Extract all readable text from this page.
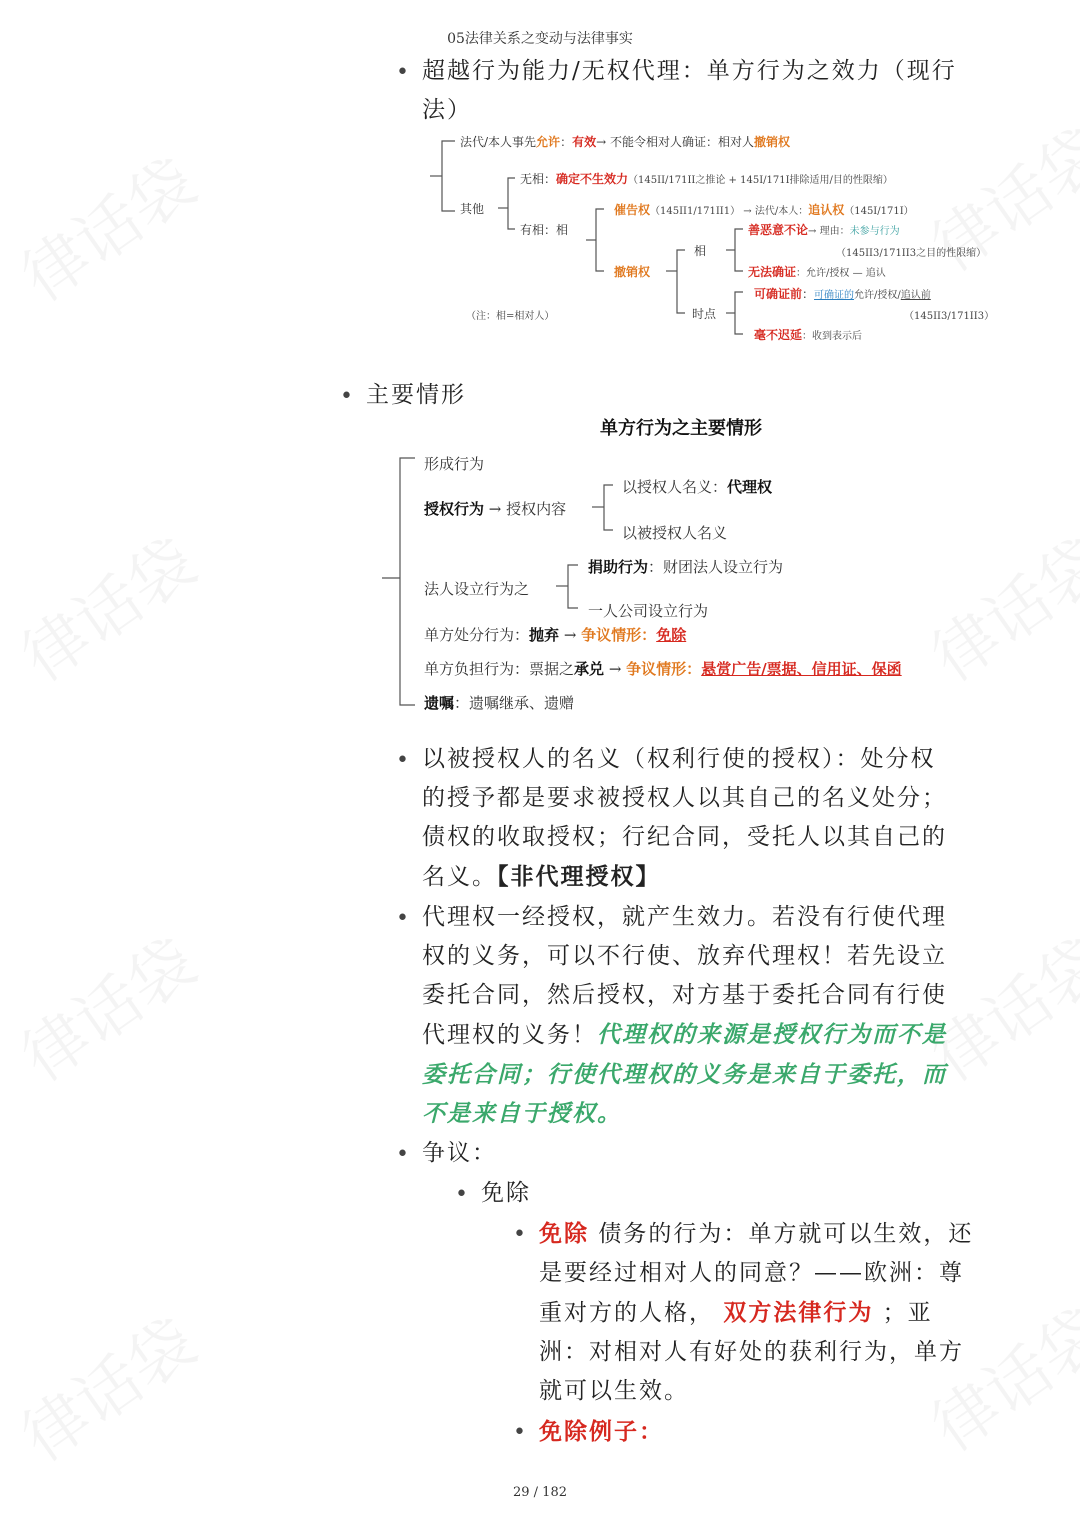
05法律关系之变动与法律事实
• 超越行为能力/无权代理：单方行为之效力（现行
法）
法代/本人事先允许：有效→ 不能令相对人确证：相对人撤销权
其他
无相：确定不生效力（145II/171II之推论 + 145I/171I排除适用/目的性限缩）
有相：相
催告权（145II1/171II1） → 法代/本人：追认权（145I/171I）
撤销权
相
时点
善恶意不论→ 理由：未参与行为
（145II3/171II3之目的性限缩）
无法确证：允许/授权 — 追认
可确证前：可确证的允许/授权/追认前
（145II3/171II3）
毫不迟延：收到表示后
（注：相=相对人）
• 主要情形
单方行为之主要情形
形成行为
授权行为 → 授权内容
以授权人名义：代理权
以被授权人名义
法人设立行为之
捐助行为：财团法人设立行为
一人公司设立行为
单方处分行为：抛弃 → 争议情形：免除
单方负担行为：票据之承兑 → 争议情形：悬赏广告/票据、信用证、保函
遗嘱：遗嘱继承、遗赠
• 以被授权人的名义（权利行使的授权）：处分权
的授予都是要求被授权人以其自己的名义处分；
债权的收取授权；行纪合同，受托人以其自己的
名义。【非代理授权】
• 代理权一经授权，就产生效力。若没有行使代理
权的义务，可以不行使、放弃代理权！若先设立
委托合同，然后授权，对方基于委托合同有行使
代理权的义务！代理权的来源是授权行为而不是
委托合同；行使代理权的义务是来自于委托，而
不是来自于授权。
• 争议：
• 免除
• 免除 债务的行为：单方就可以生效，还
是要经过相对人的同意？——欧洲：尊
重对方的人格， 双方法律行为 ；亚
洲：对相对人有好处的获利行为，单方
就可以生效。
• 免除例子：
29 / 182
